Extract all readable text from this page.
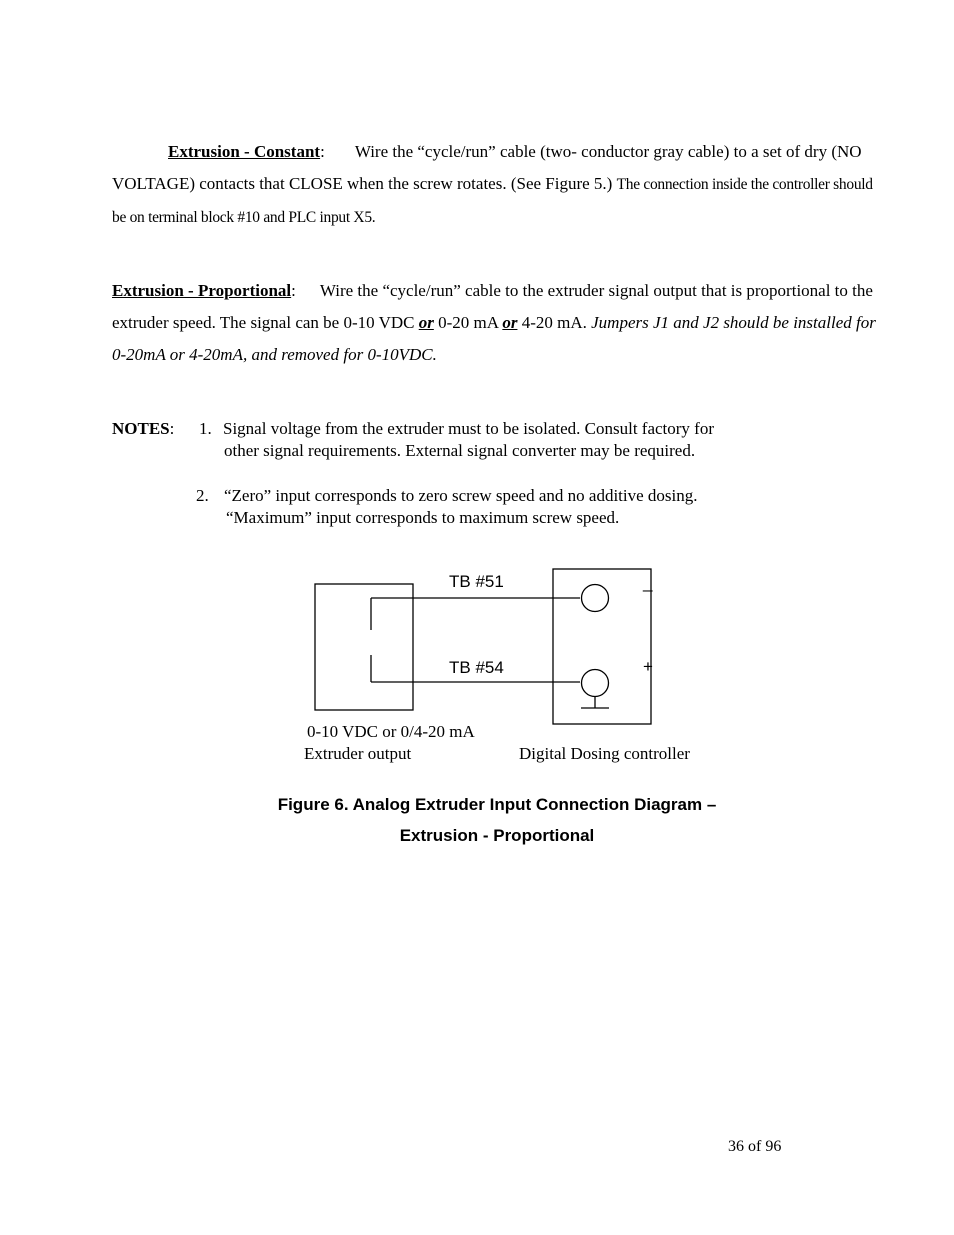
Extrusion - Constant: Wire the “cycle/run” cable (two- conductor gray cable) to a set of dry (NO VOLTAGE) contacts that CLOSE when the screw rotates. (See Figure 5.) The connection inside the controller should be on terminal block #10 and PLC input X5.
Extrusion - Proportional: Wire the “cycle/run” cable to the extruder signal output that is proportional to the extruder speed. The signal can be 0-10 VDC or 0-20 mA or 4-20 mA. Jumpers J1 and J2 should be installed for 0-20mA or 4-20mA, and removed for 0-10VDC.
NOTES: 1. Signal voltage from the extruder must to be isolated. Consult factory for
other signal requirements. External signal converter may be required.
2. “Zero” input corresponds to zero screw speed and no additive dosing.
“Maximum” input corresponds to maximum screw speed.
TB #51
TB #54
_
+
0-10 VDC or 0/4-20 mA
Extruder output	Digital Dosing controller
Figure 6. Analog Extruder Input Connection Diagram –
Extrusion - Proportional
36 of 96
